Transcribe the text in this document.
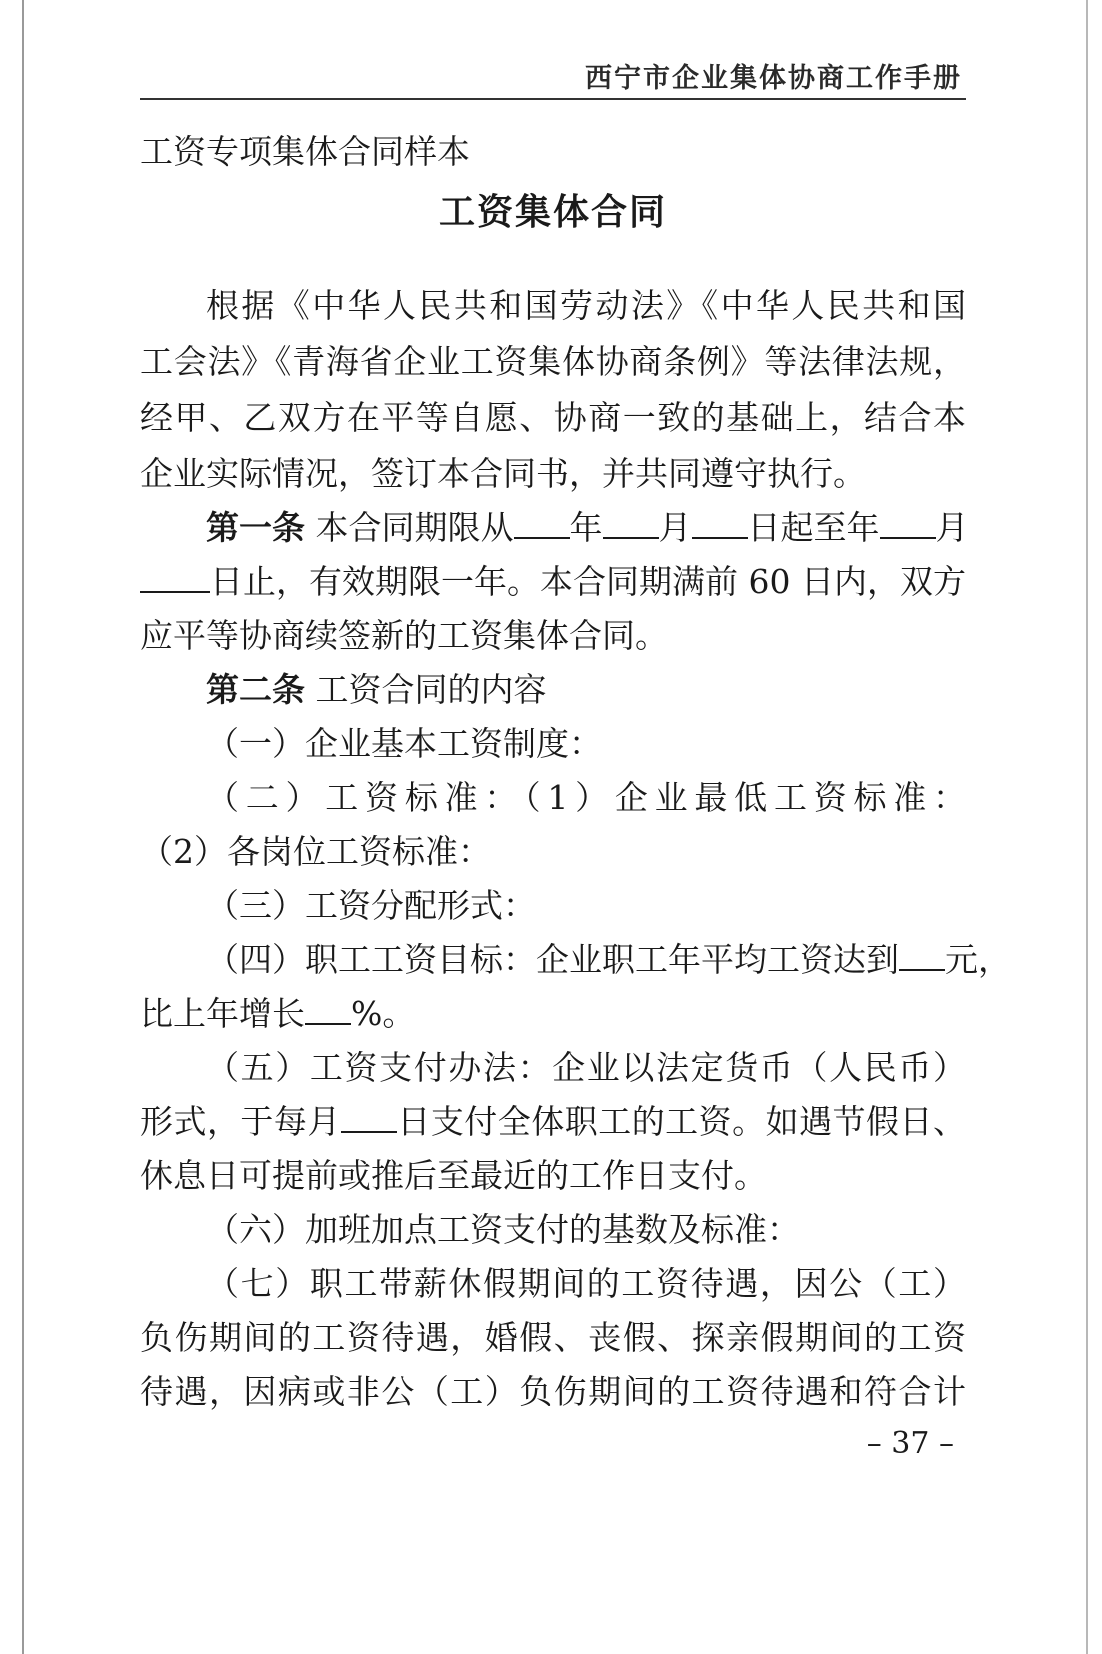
西宁市企业集体协商工作手册
工资专项集体合同样本
工资集体合同
根据《中华人民共和国劳动法》《中华人民共和国
工会法》《青海省企业工资集体协商条例》等法律法规，
经甲、乙双方在平等自愿、协商一致的基础上，结合本
企业实际情况，签订本合同书，并共同遵守执行。
第一条 本合同期限从 年 月 日起至年 月
日止，有效期限一年。本合同期满前 60 日内，双方
应平等协商续签新的工资集体合同。
第二条 工资合同的内容
（一）企业基本工资制度：
（二）工资标准：（1）企业最低工资标准：
（2）各岗位工资标准：
（三）工资分配形式：
（四）职工工资目标：企业职工年平均工资达到 元，
比上年增长 %。
（五）工资支付办法：企业以法定货币（人民币）
形式，于每月 日支付全体职工的工资。如遇节假日、
休息日可提前或推后至最近的工作日支付。
（六）加班加点工资支付的基数及标准：
（七）职工带薪休假期间的工资待遇，因公（工）
负伤期间的工资待遇，婚假、丧假、探亲假期间的工资
待遇，因病或非公（工）负伤期间的工资待遇和符合计
– 37 –
